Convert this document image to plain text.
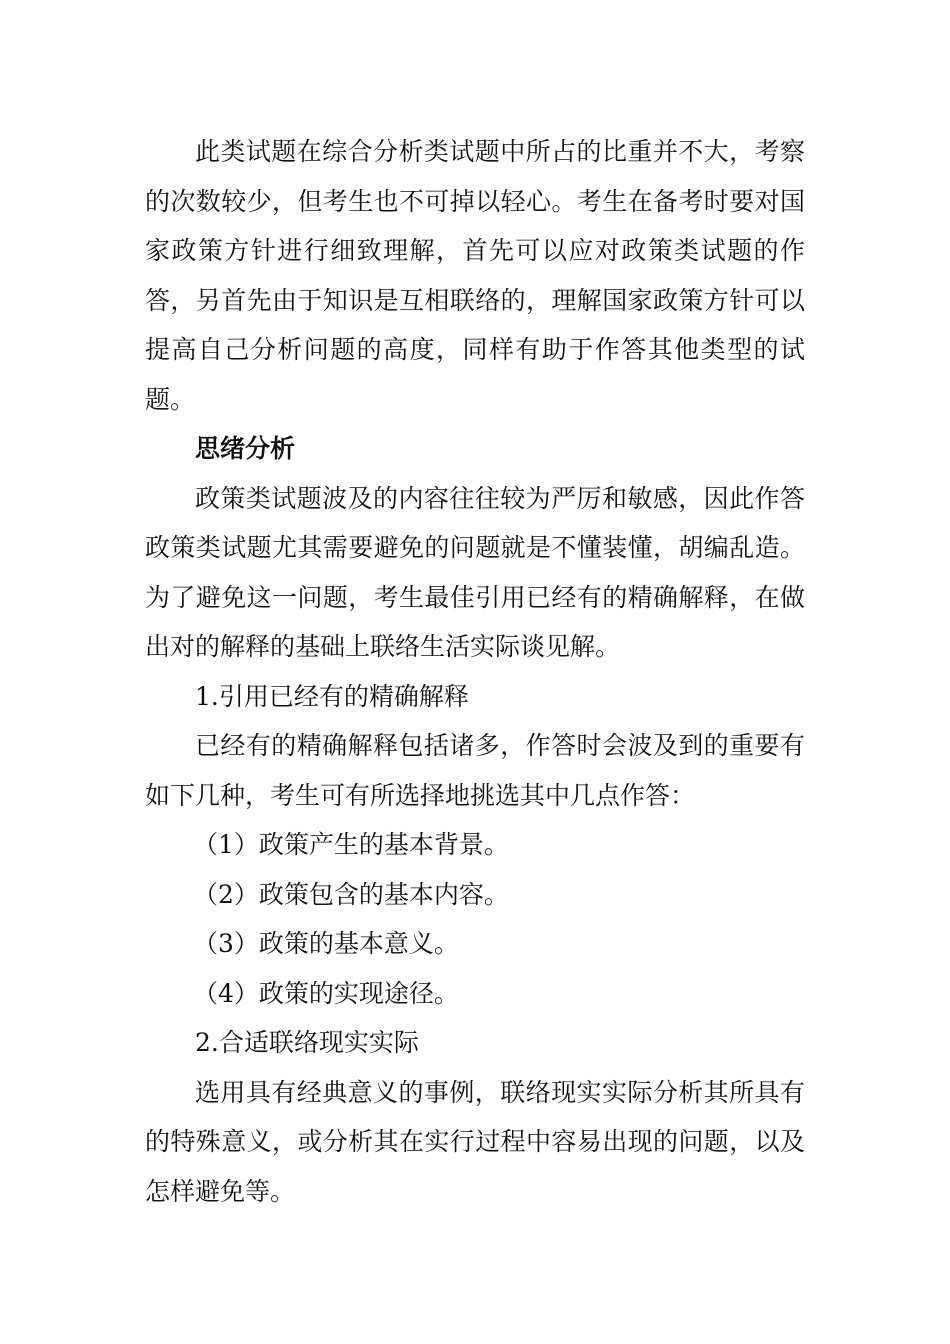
此类试题在综合分析类试题中所占的比重并不大，考察的次数较少，但考生也不可掉以轻心。考生在备考时要对国家政策方针进行细致理解，首先可以应对政策类试题的作答，另首先由于知识是互相联络的，理解国家政策方针可以提高自己分析问题的高度，同样有助于作答其他类型的试题。

思绪分析

政策类试题波及的内容往往较为严厉和敏感，因此作答政策类试题尤其需要避免的问题就是不懂装懂，胡编乱造。为了避免这一问题，考生最佳引用已经有的精确解释，在做出对的解释的基础上联络生活实际谈见解。

1.引用已经有的精确解释

已经有的精确解释包括诸多，作答时会波及到的重要有如下几种，考生可有所选择地挑选其中几点作答：

（1）政策产生的基本背景。

（2）政策包含的基本内容。

（3）政策的基本意义。

（4）政策的实现途径。

2.合适联络现实实际

选用具有经典意义的事例，联络现实实际分析其所具有的特殊意义，或分析其在实行过程中容易出现的问题，以及怎样避免等。
